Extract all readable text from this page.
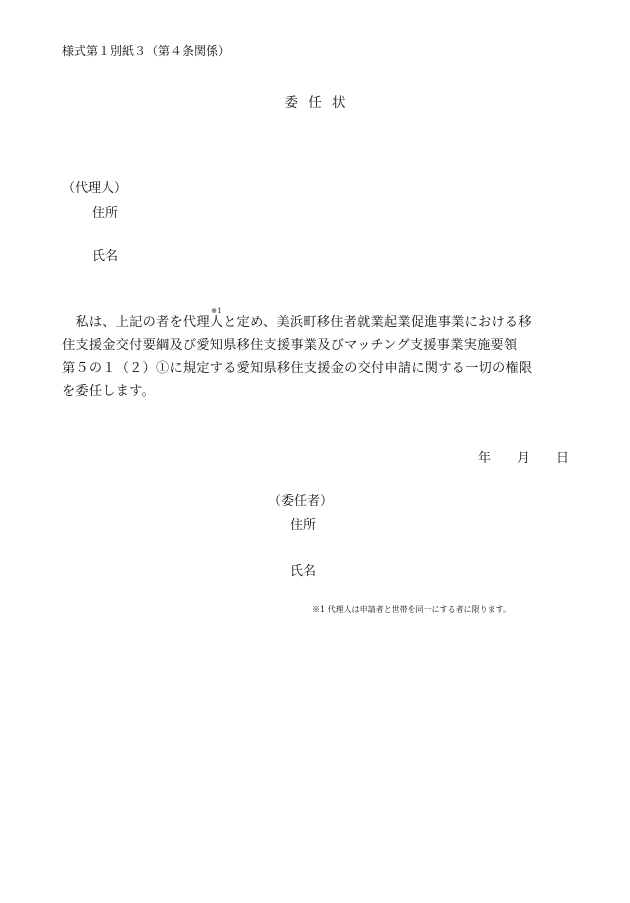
様式第１別紙３（第４条関係）
委 任 状
（代理人）
住所
氏名
　私は、上記の者を代理
※1
人と定め、美浜町移住者就業起業促進事業における移
住支援金交付要綱及び愛知県移住支援事業及びマッチング支援事業実施要領
第５の１（２）①に規定する愛知県移住支援金の交付申請に関する一切の権限
を委任します。
年 月 日
（委任者）
住所
氏名
※1 代理人は申請者と世帯を同一にする者に限ります。
